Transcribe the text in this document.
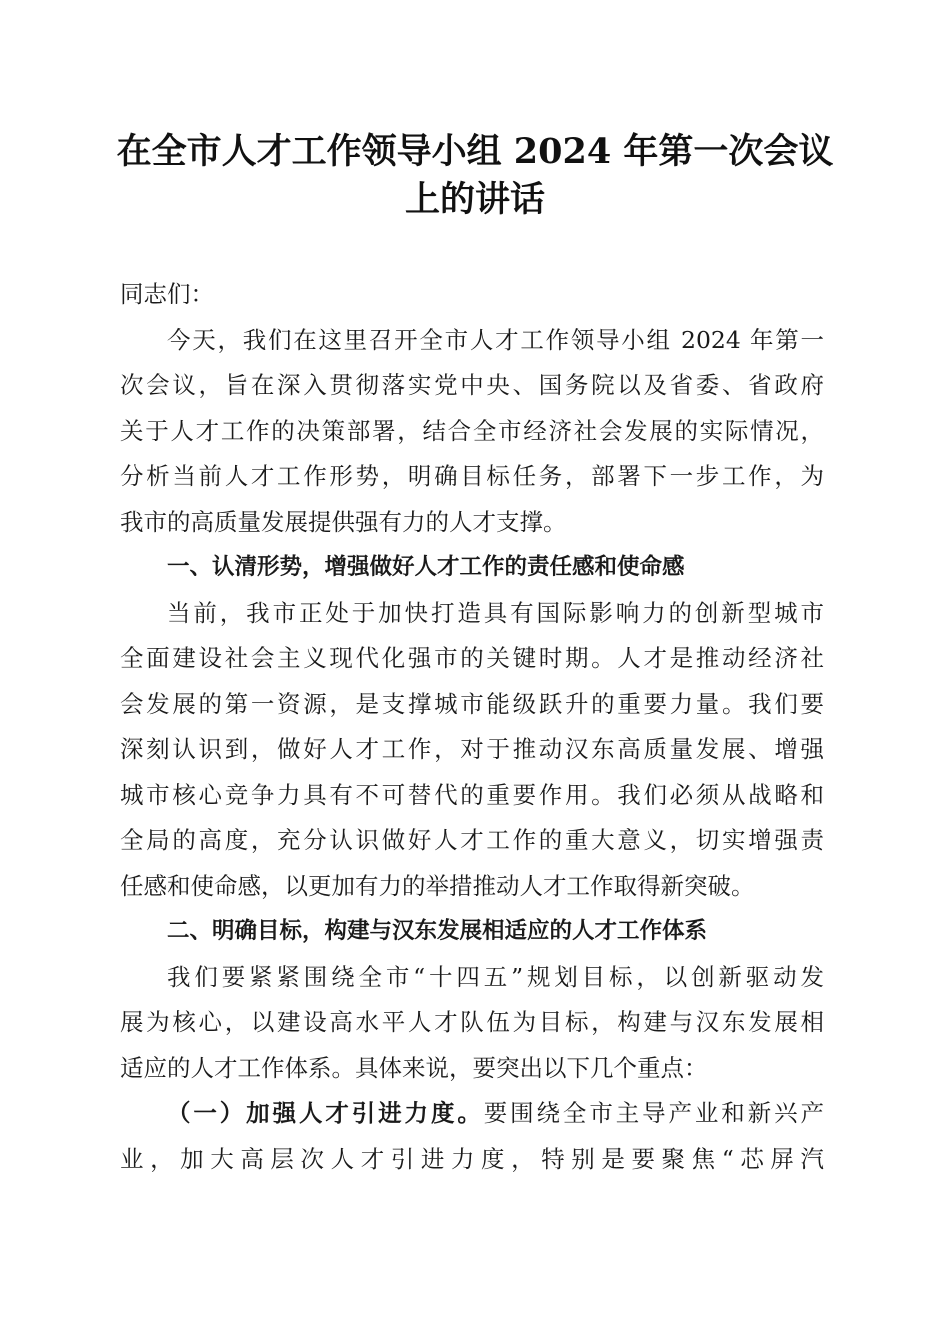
在全市人才工作领导小组 2024 年第一次会议
上的讲话
同志们：
今天，我们在这里召开全市人才工作领导小组 2024 年第一
次会议，旨在深入贯彻落实党中央、国务院以及省委、省政府
关于人才工作的决策部署，结合全市经济社会发展的实际情况，
分析当前人才工作形势，明确目标任务，部署下一步工作，为
我市的高质量发展提供强有力的人才支撑。
一、认清形势，增强做好人才工作的责任感和使命感
当前，我市正处于加快打造具有国际影响力的创新型城市
全面建设社会主义现代化强市的关键时期。人才是推动经济社
会发展的第一资源，是支撑城市能级跃升的重要力量。我们要
深刻认识到，做好人才工作，对于推动汉东高质量发展、增强
城市核心竞争力具有不可替代的重要作用。我们必须从战略和
全局的高度，充分认识做好人才工作的重大意义，切实增强责
任感和使命感，以更加有力的举措推动人才工作取得新突破。
二、明确目标，构建与汉东发展相适应的人才工作体系
我们要紧紧围绕全市“十四五”规划目标，以创新驱动发
展为核心，以建设高水平人才队伍为目标，构建与汉东发展相
适应的人才工作体系。具体来说，要突出以下几个重点：
（一）加强人才引进力度。要围绕全市主导产业和新兴产
业，加大高层次人才引进力度，特别是要聚焦“芯屏汽
